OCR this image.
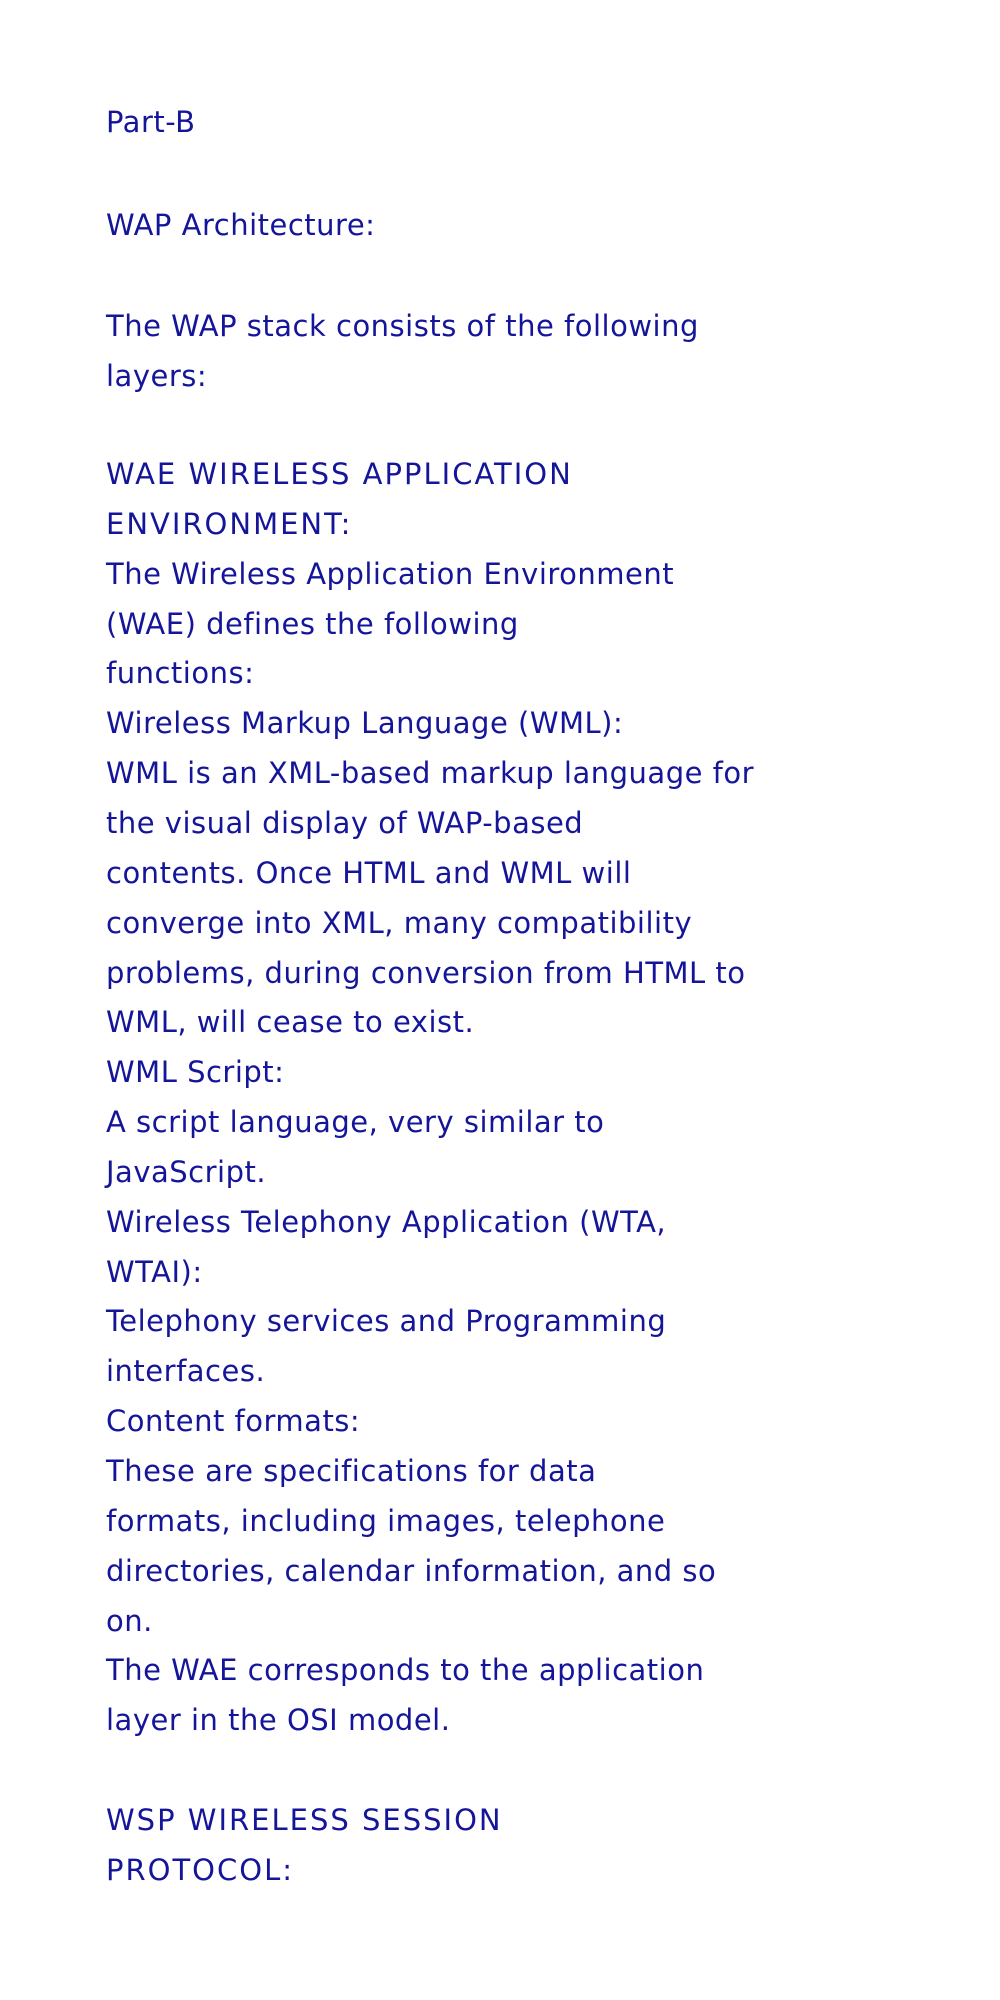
Part-B

WAP Architecture:

The WAP stack consists of the following

layers:

WAE WIRELESS APPLICATION

ENVIRONMENT:

The Wireless Application Environment

(WAE) defines the following

functions:

Wireless Markup Language (WML):

WML is an XML-based markup language for

the visual display of WAP-based

contents. Once HTML and WML will

converge into XML, many compatibility

problems, during conversion from HTML to

WML, will cease to exist.

WML Script:

A script language, very similar to

JavaScript.

Wireless Telephony Application (WTA,

WTAI):

Telephony services and Programming

interfaces.

Content formats:

These are specifications for data

formats, including images, telephone

directories, calendar information, and so

on.

The WAE corresponds to the application

layer in the OSI model.

WSP WIRELESS SESSION

PROTOCOL:
